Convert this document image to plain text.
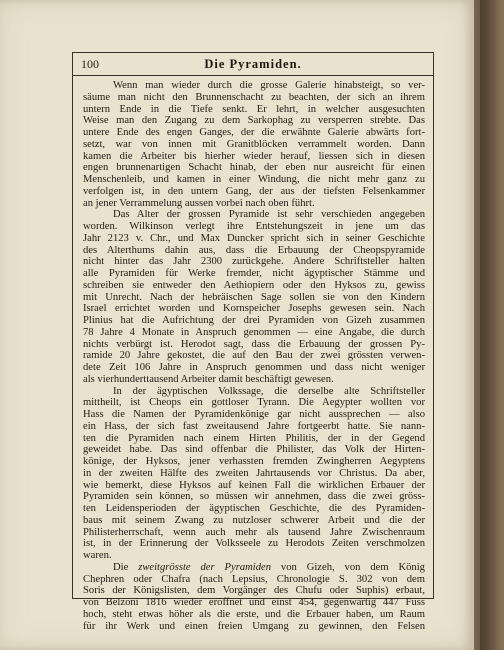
100	Die Pyramiden.
Wenn man wieder durch die grosse Galerie hinabsteigt, so ver-
säume man nicht den Brunnenschacht zu beachten, der sich an ihrem
untern Ende in die Tiefe senkt. Er lehrt, in welcher ausgesuchten
Weise man den Zugang zu dem Sarkophag zu versperren strebte. Das
untere Ende des engen Ganges, der die erwähnte Galerie abwärts fort-
setzt, war von innen mit Granitblöcken verrammelt worden. Dann
kamen die Arbeiter bis hierher wieder herauf, liessen sich in diesen
engen brunnenartigen Schacht hinab, der eben nur ausreicht für einen
Menschenleib, und kamen in einer Windung, die nicht mehr ganz zu
verfolgen ist, in den untern Gang, der aus der tiefsten Felsenkammer
an jener Verrammelung aussen vorbei nach oben führt.
Das Alter der grossen Pyramide ist sehr verschieden angegeben
worden. Wilkinson verlegt ihre Entstehungszeit in jene um das
Jahr 2123 v. Chr., und Max Duncker spricht sich in seiner Geschichte
des Alterthums dahin aus, dass die Erbauung der Cheopspyramide
nicht hinter das Jahr 2300 zurückgehe. Andere Schriftsteller halten
alle Pyramiden für Werke fremder, nicht ägyptischer Stämme und
schreiben sie entweder den Aethiopiern oder den Hyksos zu, gewiss
mit Unrecht. Nach der hebräischen Sage sollen sie von den Kindern
Israel errichtet worden und Kornspeicher Josephs gewesen sein. Nach
Plinius hat die Aufrichtung der drei Pyramiden von Gizeh zusammen
78 Jahre 4 Monate in Anspruch genommen — eine Angabe, die durch
nichts verbürgt ist. Herodot sagt, dass die Erbauung der grossen Py-
ramide 20 Jahre gekostet, die auf den Bau der zwei grössten verwen-
dete Zeit 106 Jahre in Anspruch genommen und dass nicht weniger
als vierhunderttausend Arbeiter damit beschäftigt gewesen.
In der ägyptischen Volkssage, die derselbe alte Schriftsteller
mittheilt, ist Cheops ein gottloser Tyrann. Die Aegypter wollten vor
Hass die Namen der Pyramidenkönige gar nicht aussprechen — also
ein Hass, der sich fast zweitausend Jahre fortgeerbt hatte. Sie nann-
ten die Pyramiden nach einem Hirten Philitis, der in der Gegend
geweidet habe. Das sind offenbar die Philister, das Volk der Hirten-
könige, der Hyksos, jener verhassten fremden Zwingherren Aegyptens
in der zweiten Hälfte des zweiten Jahrtausends vor Christus. Da aber,
wie bemerkt, diese Hyksos auf keinen Fall die wirklichen Erbauer der
Pyramiden sein können, so müssen wir annehmen, dass die zwei gröss-
ten Leidensperioden der ägyptischen Geschichte, die des Pyramiden-
baus mit seinem Zwang zu nutzloser schwerer Arbeit und die der
Philisterherrschaft, wenn auch mehr als tausend Jahre Zwischenraum
ist, in der Erinnerung der Volksseele zu Herodots Zeiten verschmolzen
waren.
Die zweitgrösste der Pyramiden von Gizeh, von dem König
Chephren oder Chafra (nach Lepsius, Chronologie S. 302 von dem
Soris der Königslisten, dem Vorgänger des Chufu oder Suphis) erbaut,
von Belzoni 1816 wieder eröffnet und einst 454, gegenwärtig 447 Fuss
hoch, steht etwas höher als die erste, und die Erbauer haben, um Raum
für ihr Werk und einen freien Umgang zu gewinnen, den Felsen
